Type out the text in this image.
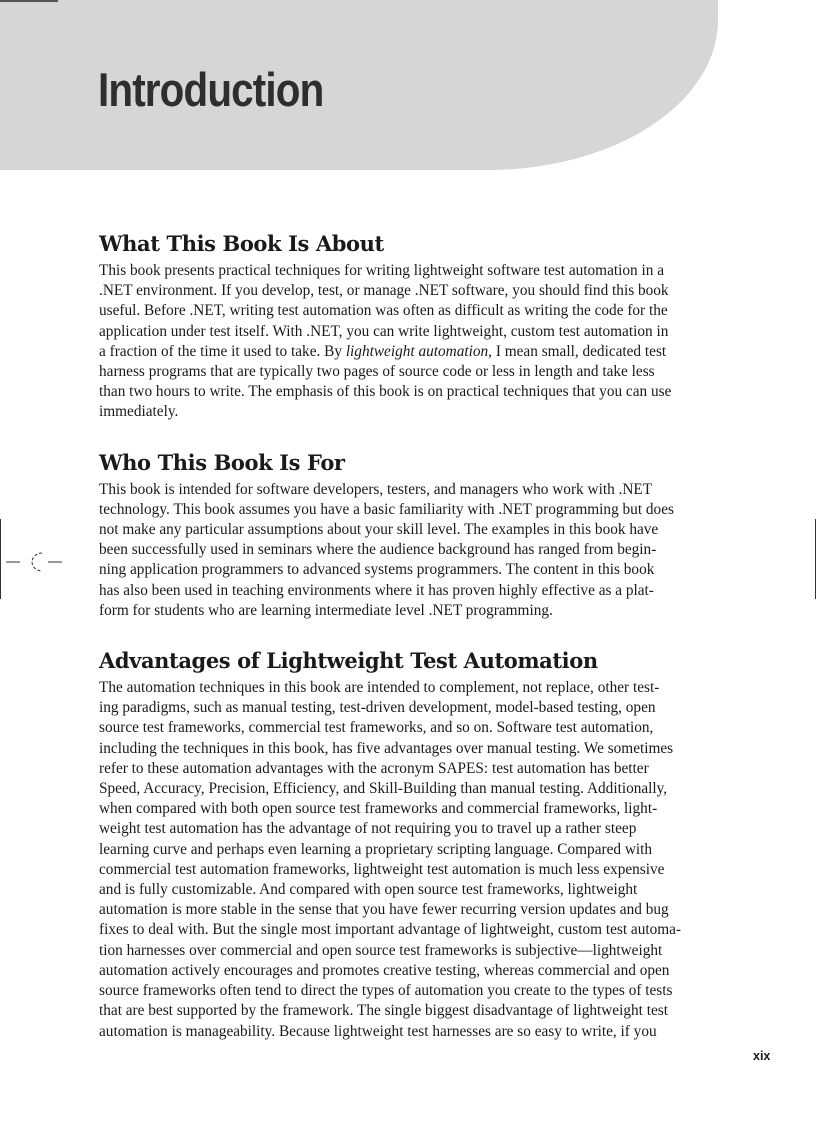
Introduction
What This Book Is About

This book presents practical techniques for writing lightweight software test automation in a
.NET environment. If you develop, test, or manage .NET software, you should find this book
useful. Before .NET, writing test automation was often as difficult as writing the code for the
application under test itself. With .NET, you can write lightweight, custom test automation in
a fraction of the time it used to take. By lightweight automation, I mean small, dedicated test
harness programs that are typically two pages of source code or less in length and take less
than two hours to write. The emphasis of this book is on practical techniques that you can use
immediately.

Who This Book Is For

This book is intended for software developers, testers, and managers who work with .NET
technology. This book assumes you have a basic familiarity with .NET programming but does
not make any particular assumptions about your skill level. The examples in this book have
been successfully used in seminars where the audience background has ranged from begin-
ning application programmers to advanced systems programmers. The content in this book
has also been used in teaching environments where it has proven highly effective as a plat-
form for students who are learning intermediate level .NET programming.

Advantages of Lightweight Test Automation

The automation techniques in this book are intended to complement, not replace, other test-
ing paradigms, such as manual testing, test-driven development, model-based testing, open
source test frameworks, commercial test frameworks, and so on. Software test automation,
including the techniques in this book, has five advantages over manual testing. We sometimes
refer to these automation advantages with the acronym SAPES: test automation has better
Speed, Accuracy, Precision, Efficiency, and Skill-Building than manual testing. Additionally,
when compared with both open source test frameworks and commercial frameworks, light-
weight test automation has the advantage of not requiring you to travel up a rather steep
learning curve and perhaps even learning a proprietary scripting language. Compared with
commercial test automation frameworks, lightweight test automation is much less expensive
and is fully customizable. And compared with open source test frameworks, lightweight
automation is more stable in the sense that you have fewer recurring version updates and bug
fixes to deal with. But the single most important advantage of lightweight, custom test automa-
tion harnesses over commercial and open source test frameworks is subjective—lightweight
automation actively encourages and promotes creative testing, whereas commercial and open
source frameworks often tend to direct the types of automation you create to the types of tests
that are best supported by the framework. The single biggest disadvantage of lightweight test
automation is manageability. Because lightweight test harnesses are so easy to write, if you

xix
